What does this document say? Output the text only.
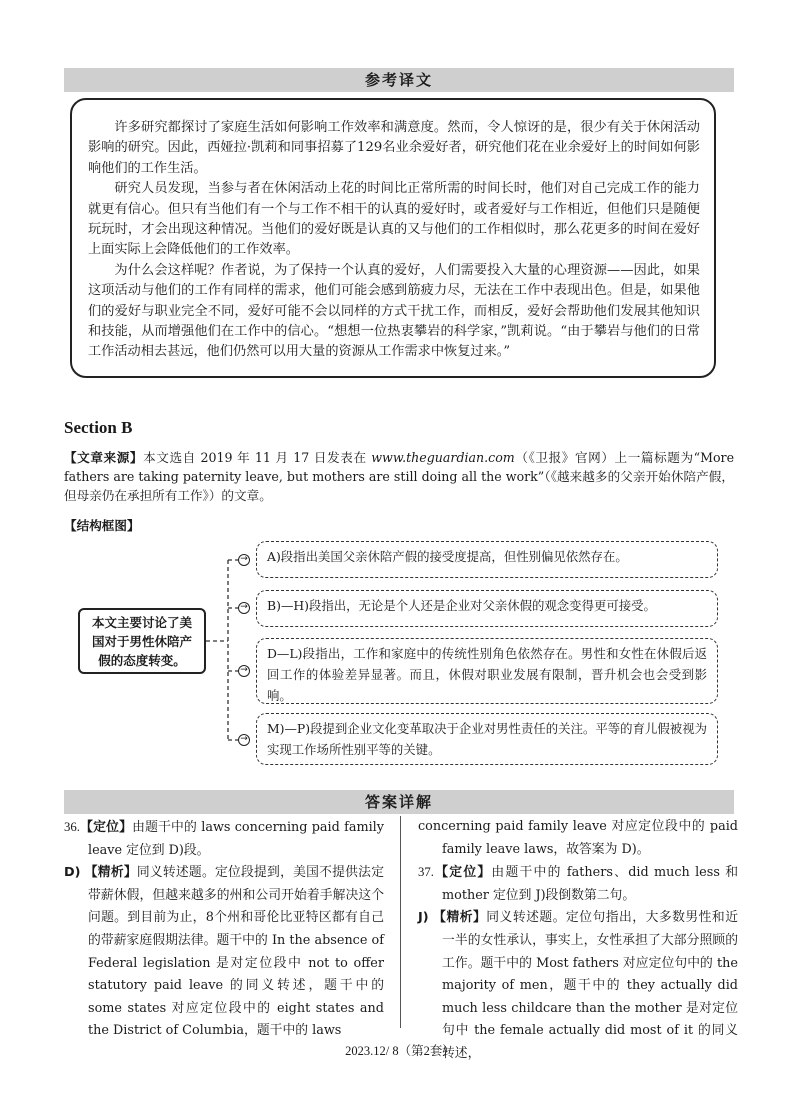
参考译文

许多研究都探讨了家庭生活如何影响工作效率和满意度。然而，令人惊讶的是，很少有关于休闲活动影响的研究。因此，西娅拉·凯莉和同事招募了129名业余爱好者，研究他们花在业余爱好上的时间如何影响他们的工作生活。

研究人员发现，当参与者在休闲活动上花的时间比正常所需的时间长时，他们对自己完成工作的能力就更有信心。但只有当他们有一个与工作不相干的认真的爱好时，或者爱好与工作相近，但他们只是随便玩玩时，才会出现这种情况。当他们的爱好既是认真的又与他们的工作相似时，那么花更多的时间在爱好上面实际上会降低他们的工作效率。

为什么会这样呢？作者说，为了保持一个认真的爱好，人们需要投入大量的心理资源——因此，如果这项活动与他们的工作有同样的需求，他们可能会感到筋疲力尽，无法在工作中表现出色。但是，如果他们的爱好与职业完全不同，爱好可能不会以同样的方式干扰工作，而相反，爱好会帮助他们发展其他知识和技能，从而增强他们在工作中的信心。“想想一位热衷攀岩的科学家，”凯莉说。“由于攀岩与他们的日常工作活动相去甚远，他们仍然可以用大量的资源从工作需求中恢复过来。”

Section B
【文章来源】本文选自 2019 年 11 月 17 日发表在 www.theguardian.com（《卫报》官网）上一篇标题为“More fathers are taking paternity leave, but mothers are still doing all the work”（《越来越多的父亲开始休陪产假，但母亲仍在承担所有工作》）的文章。
【结构框图】
→
→
→
→
本文主要讨论了美国对于男性休陪产假的态度转变。
A)段指出美国父亲休陪产假的接受度提高，但性别偏见依然存在。
B)—H)段指出，无论是个人还是企业对父亲休假的观念变得更可接受。
D—L)段指出，工作和家庭中的传统性别角色依然存在。男性和女性在休假后返回工作的体验差异显著。而且，休假对职业发展有限制，晋升机会也会受到影响。
M)—P)段提到企业文化变革取决于企业对男性责任的关注。平等的育儿假被视为实现工作场所性别平等的关键。
答案详解

36.【定位】由题干中的 laws concerning paid family leave 定位到 D)段。

D) 【精析】同义转述题。定位段提到，美国不提供法定带薪休假，但越来越多的州和公司开始着手解决这个问题。到目前为止，8个州和哥伦比亚特区都有自己的带薪家庭假期法律。题干中的 In the absence of Federal legislation 是对定位段中 not to offer statutory paid leave 的同义转述，题干中的 some states 对应定位段中的 eight states and the District of Columbia，题干中的 laws

concerning paid family leave 对应定位段中的 paid family leave laws，故答案为 D)。

37.【定位】由题干中的 fathers、did much less 和 mother 定位到 J)段倒数第二句。

J) 【精析】同义转述题。定位句指出，大多数男性和近一半的女性承认，事实上，女性承担了大部分照顾的工作。题干中的 Most fathers 对应定位句中的 the majority of men，题干中的 they actually did much less childcare than the mother 是对定位句中 the female actually did most of it 的同义转述，

2023.12/ 8（第2套）
